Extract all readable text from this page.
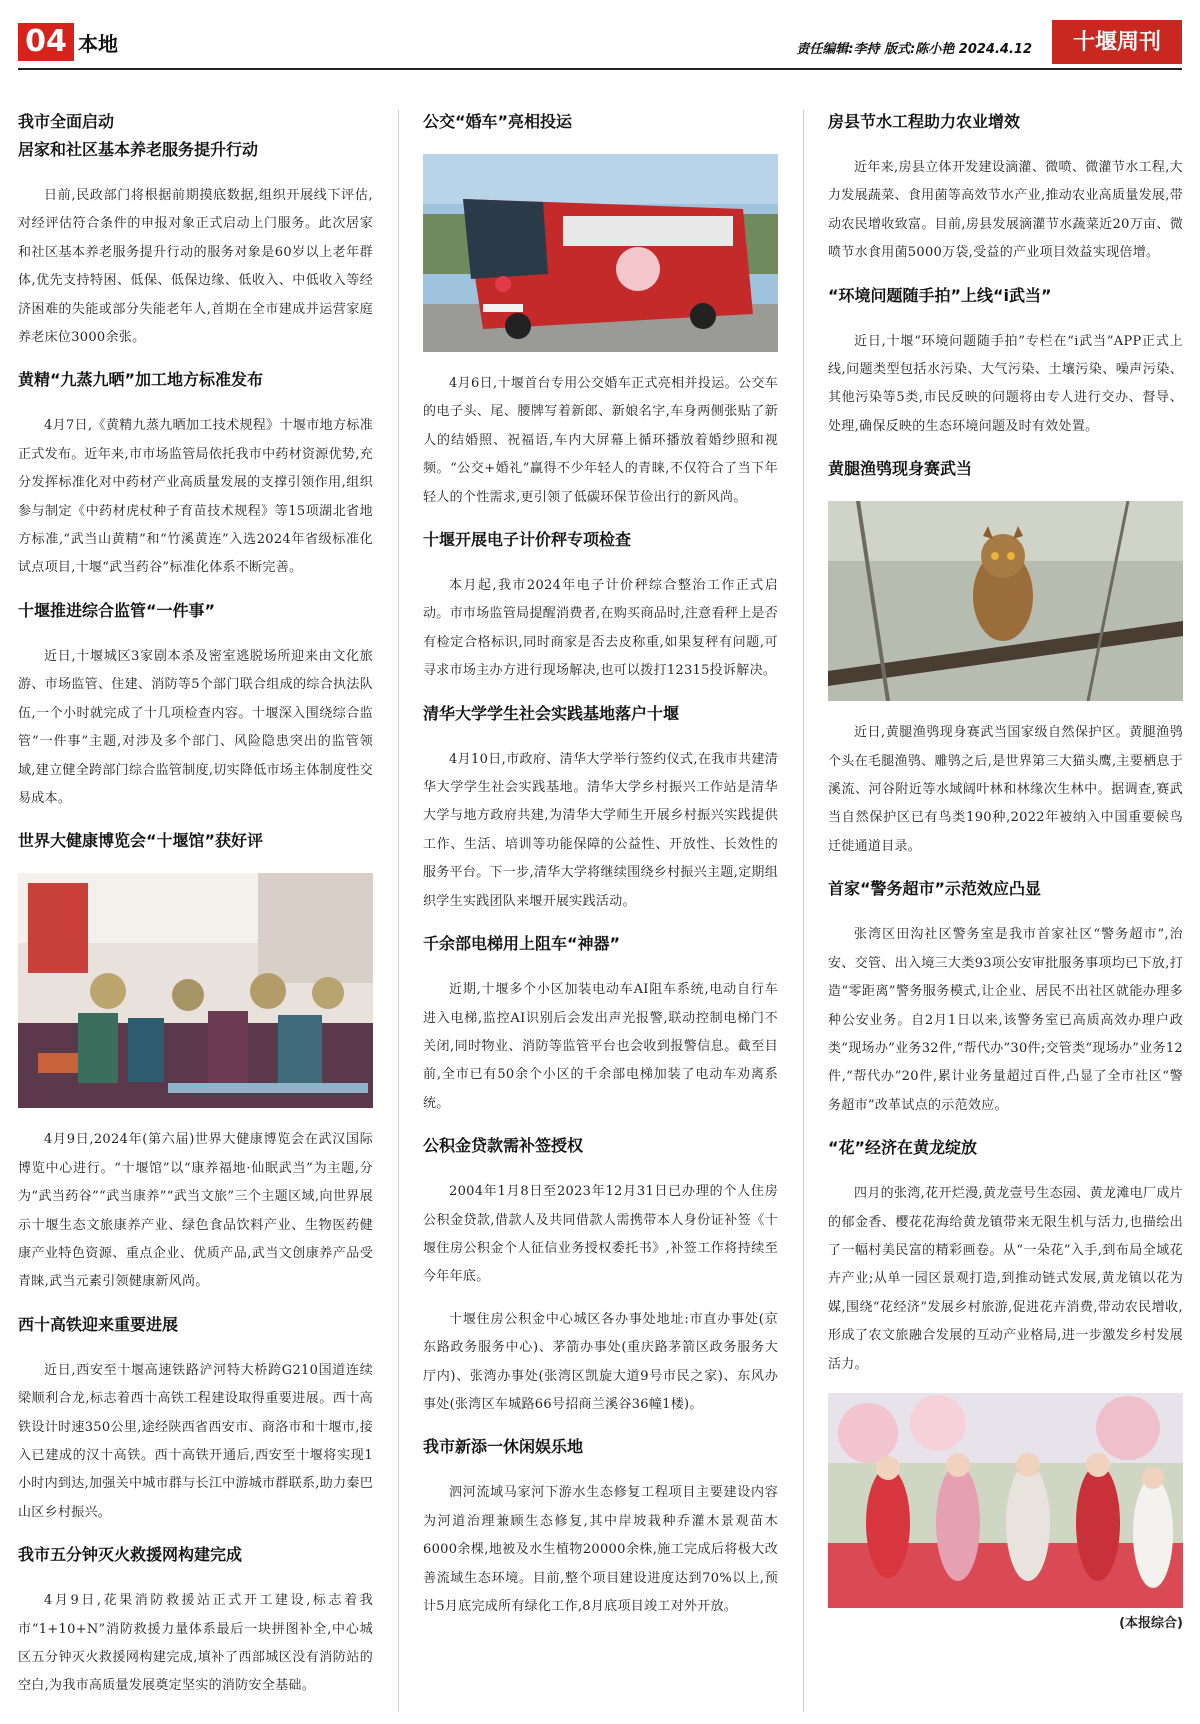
04 本地	责任编辑:李持 版式:陈小艳 2024.4.12	十堰周刊
我市全面启动
居家和社区基本养老服务提升行动

日前,民政部门将根据前期摸底数据,组织开展线下评估,对经评估符合条件的申报对象正式启动上门服务。此次居家和社区基本养老服务提升行动的服务对象是60岁以上老年群体,优先支持特困、低保、低保边缘、低收入、中低收入等经济困难的失能或部分失能老年人,首期在全市建成并运营家庭养老床位3000余张。

黄精“九蒸九晒”加工地方标准发布

4月7日,《黄精九蒸九晒加工技术规程》十堰市地方标准正式发布。近年来,市市场监管局依托我市中药材资源优势,充分发挥标准化对中药材产业高质量发展的支撑引领作用,组织参与制定《中药材虎杖种子育苗技术规程》等15项湖北省地方标准,“武当山黄精”和“竹溪黄连”入选2024年省级标准化试点项目,十堰“武当药谷”标准化体系不断完善。

十堰推进综合监管“一件事”

近日,十堰城区3家剧本杀及密室逃脱场所迎来由文化旅游、市场监管、住建、消防等5个部门联合组成的综合执法队伍,一个小时就完成了十几项检查内容。十堰深入围绕综合监管“一件事”主题,对涉及多个部门、风险隐患突出的监管领域,建立健全跨部门综合监管制度,切实降低市场主体制度性交易成本。

世界大健康博览会“十堰馆”获好评

4月9日,2024年(第六届)世界大健康博览会在武汉国际博览中心进行。“十堰馆”以“康养福地·仙眠武当”为主题,分为“武当药谷”“武当康养”“武当文旅”三个主题区域,向世界展示十堰生态文旅康养产业、绿色食品饮料产业、生物医药健康产业特色资源、重点企业、优质产品,武当文创康养产品受青睐,武当元素引领健康新风尚。

西十高铁迎来重要进展

近日,西安至十堰高速铁路浐河特大桥跨G210国道连续梁顺利合龙,标志着西十高铁工程建设取得重要进展。西十高铁设计时速350公里,途经陕西省西安市、商洛市和十堰市,接入已建成的汉十高铁。西十高铁开通后,西安至十堰将实现1小时内到达,加强关中城市群与长江中游城市群联系,助力秦巴山区乡村振兴。

我市五分钟灭火救援网构建完成

4月9日,花果消防救援站正式开工建设,标志着我市“1+10+N”消防救援力量体系最后一块拼图补全,中心城区五分钟灭火救援网构建完成,填补了西部城区没有消防站的空白,为我市高质量发展奠定坚实的消防安全基础。

公交“婚车”亮相投运

4月6日,十堰首台专用公交婚车正式亮相并投运。公交车的电子头、尾、腰牌写着新郎、新娘名字,车身两侧张贴了新人的结婚照、祝福语,车内大屏幕上循环播放着婚纱照和视频。“公交+婚礼”赢得不少年轻人的青睐,不仅符合了当下年轻人的个性需求,更引领了低碳环保节俭出行的新风尚。

十堰开展电子计价秤专项检查

本月起,我市2024年电子计价秤综合整治工作正式启动。市市场监管局提醒消费者,在购买商品时,注意看秤上是否有检定合格标识,同时商家是否去皮称重,如果复秤有问题,可寻求市场主办方进行现场解决,也可以拨打12315投诉解决。

清华大学学生社会实践基地落户十堰

4月10日,市政府、清华大学举行签约仪式,在我市共建清华大学学生社会实践基地。清华大学乡村振兴工作站是清华大学与地方政府共建,为清华大学师生开展乡村振兴实践提供工作、生活、培训等功能保障的公益性、开放性、长效性的服务平台。下一步,清华大学将继续围绕乡村振兴主题,定期组织学生实践团队来堰开展实践活动。

千余部电梯用上阻车“神器”

近期,十堰多个小区加装电动车AI阻车系统,电动自行车进入电梯,监控AI识别后会发出声光报警,联动控制电梯门不关闭,同时物业、消防等监管平台也会收到报警信息。截至目前,全市已有50余个小区的千余部电梯加装了电动车劝离系统。

公积金贷款需补签授权

2004年1月8日至2023年12月31日已办理的个人住房公积金贷款,借款人及共同借款人需携带本人身份证补签《十堰住房公积金个人征信业务授权委托书》,补签工作将持续至今年年底。

十堰住房公积金中心城区各办事处地址:市直办事处(京东路政务服务中心)、茅箭办事处(重庆路茅箭区政务服务大厅内)、张湾办事处(张湾区凯旋大道9号市民之家)、东风办事处(张湾区车城路66号招商兰溪谷36幢1楼)。

我市新添一休闲娱乐地

泗河流域马家河下游水生态修复工程项目主要建设内容为河道治理兼顾生态修复,其中岸坡栽种乔灌木景观苗木6000余棵,地被及水生植物20000余株,施工完成后将极大改善流域生态环境。目前,整个项目建设进度达到70%以上,预计5月底完成所有绿化工作,8月底项目竣工对外开放。

房县节水工程助力农业增效

近年来,房县立体开发建设滴灌、微喷、微灌节水工程,大力发展蔬菜、食用菌等高效节水产业,推动农业高质量发展,带动农民增收致富。目前,房县发展滴灌节水蔬菜近20万亩、微喷节水食用菌5000万袋,受益的产业项目效益实现倍增。

“环境问题随手拍”上线“i武当”

近日,十堰“环境问题随手拍”专栏在“i武当”APP正式上线,问题类型包括水污染、大气污染、土壤污染、噪声污染、其他污染等5类,市民反映的问题将由专人进行交办、督导、处理,确保反映的生态环境问题及时有效处置。

黄腿渔鸮现身赛武当

近日,黄腿渔鸮现身赛武当国家级自然保护区。黄腿渔鸮个头在毛腿渔鸮、雕鸮之后,是世界第三大猫头鹰,主要栖息于溪流、河谷附近等水域阔叶林和林缘次生林中。据调查,赛武当自然保护区已有鸟类190种,2022年被纳入中国重要候鸟迁徙通道目录。

首家“警务超市”示范效应凸显

张湾区田沟社区警务室是我市首家社区“警务超市”,治安、交管、出入境三大类93项公安审批服务事项均已下放,打造“零距离”警务服务模式,让企业、居民不出社区就能办理多种公安业务。自2月1日以来,该警务室已高质高效办理户政类“现场办”业务32件,“帮代办”30件;交管类“现场办”业务12件,“帮代办”20件,累计业务量超过百件,凸显了全市社区“警务超市”改革试点的示范效应。

“花”经济在黄龙绽放

四月的张湾,花开烂漫,黄龙壹号生态园、黄龙滩电厂成片的郁金香、樱花花海给黄龙镇带来无限生机与活力,也描绘出了一幅村美民富的精彩画卷。从“一朵花”入手,到布局全域花卉产业;从单一园区景观打造,到推动链式发展,黄龙镇以花为媒,围绕“花经济”发展乡村旅游,促进花卉消费,带动农民增收,形成了农文旅融合发展的互动产业格局,进一步激发乡村发展活力。

(本报综合)
